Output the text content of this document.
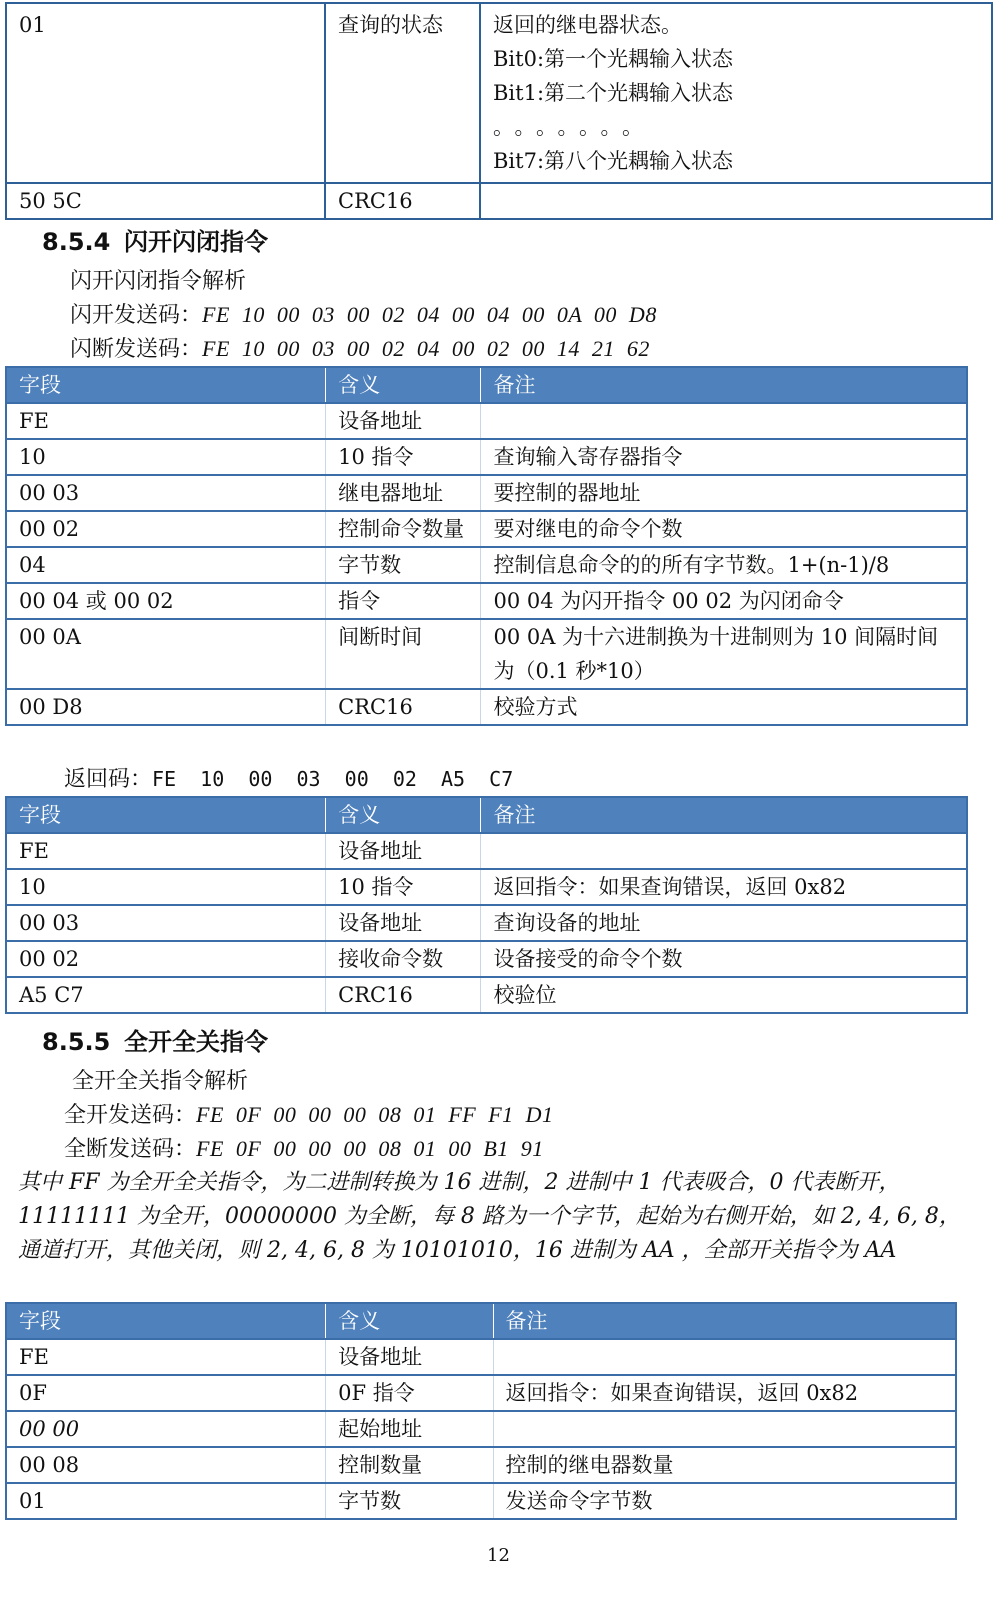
01	查询的状态	返回的继电器状态。
Bit0:第一个光耦输入状态
Bit1:第二个光耦输入状态
。。。。。。。
Bit7:第八个光耦输入状态

50 5C	CRC16	
8.5.4 闪开闪闭指令
闪开闪闭指令解析
闪开发送码：FE  10  00  03  00  02  04  00  04  00  0A  00  D8
闪断发送码：FE  10  00  03  00  02  04  00  02  00  14  21  62
字段	含义	备注
FE	设备地址	
10	10 指令	查询输入寄存器指令
00 03	继电器地址	要控制的器地址
00 02	控制命令数量	要对继电的命令个数
04	字节数	控制信息命令的的所有字节数。1+(n-1)/8
00 04 或 00 02	指令	00 04 为闪开指令 00 02 为闪闭命令
00 0A	间断时间	00 0A 为十六进制换为十进制则为 10 间隔时间为（0.1 秒*10）
00 D8	CRC16	校验方式
返回码：FE  10  00  03  00  02  A5  C7
字段	含义	备注
FE	设备地址	
10	10 指令	返回指令：如果查询错误，返回 0x82
00 03	设备地址	查询设备的地址
00 02	接收命令数	设备接受的命令个数
A5 C7	CRC16	校验位
8.5.5 全开全关指令
全开全关指令解析
全开发送码：FE  0F  00  00  00  08  01  FF  F1  D1
全断发送码：FE  0F  00  00  00  08  01  00  B1  91
其中 FF 为全开全关指令，为二进制转换为 16 进制，2 进制中 1 代表吸合，0 代表断开，11111111 为全开，00000000 为全断，每 8 路为一个字节，起始为右侧开始，如 2, 4, 6, 8，通道打开，其他关闭，则 2, 4, 6, 8 为 10101010，16 进制为 AA ，全部开关指令为 AA
字段	含义	备注
FE	设备地址	
0F	0F 指令	返回指令：如果查询错误，返回 0x82
00 00	起始地址	
00 08	控制数量	控制的继电器数量
01	字节数	发送命令字节数
12
